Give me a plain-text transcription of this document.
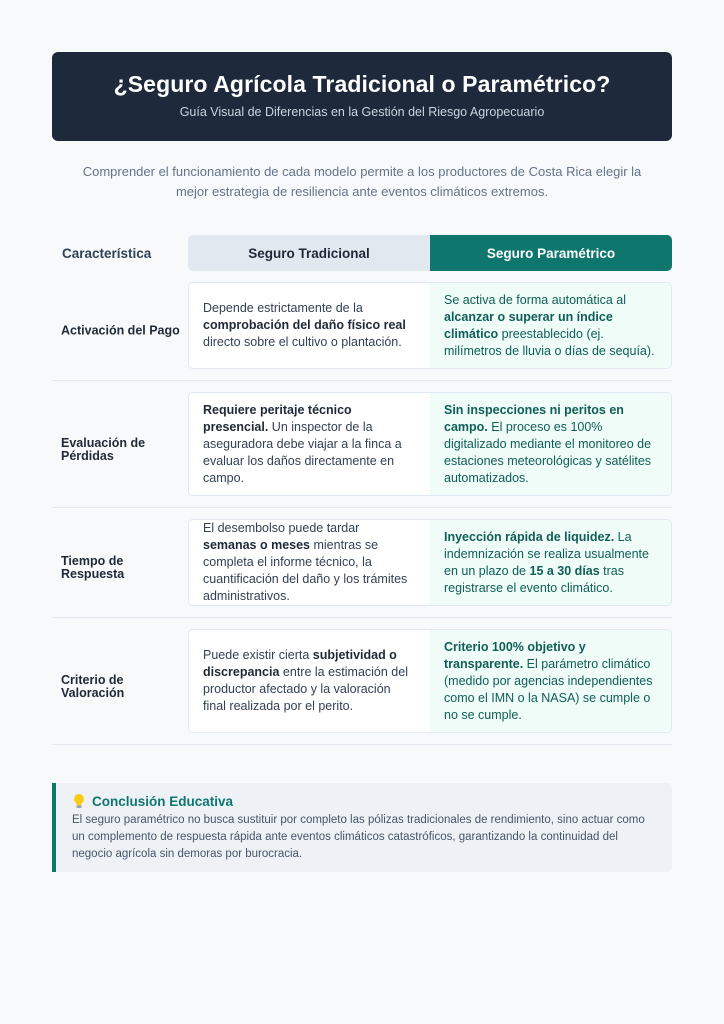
¿Seguro Agrícola Tradicional o Paramétrico?
Guía Visual de Diferencias en la Gestión del Riesgo Agropecuario
Comprender el funcionamiento de cada modelo permite a los productores de Costa Rica elegir la
mejor estrategia de resiliencia ante eventos climáticos extremos.
Característica	Seguro Tradicional	Seguro Paramétrico
Activación del Pago
Depende estrictamente de la comprobación del daño físico real directo sobre el cultivo o plantación.
Se activa de forma automática al alcanzar o superar un índice climático preestablecido (ej. milímetros de lluvia o días de sequía).
Evaluación de Pérdidas
Requiere peritaje técnico presencial. Un inspector de la aseguradora debe viajar a la finca a evaluar los daños directamente en campo.
Sin inspecciones ni peritos en campo. El proceso es 100% digitalizado mediante el monitoreo de estaciones meteorológicas y satélites automatizados.
Tiempo de Respuesta
El desembolso puede tardar semanas o meses mientras se completa el informe técnico, la cuantificación del daño y los trámites administrativos.
Inyección rápida de liquidez. La indemnización se realiza usualmente en un plazo de 15 a 30 días tras registrarse el evento climático.
Criterio de Valoración
Puede existir cierta subjetividad o discrepancia entre la estimación del productor afectado y la valoración final realizada por el perito.
Criterio 100% objetivo y transparente. El parámetro climático (medido por agencias independientes como el IMN o la NASA) se cumple o no se cumple.
Conclusión Educativa
El seguro paramétrico no busca sustituir por completo las pólizas tradicionales de rendimiento, sino actuar como un complemento de respuesta rápida ante eventos climáticos catastróficos, garantizando la continuidad del negocio agrícola sin demoras por burocracia.
